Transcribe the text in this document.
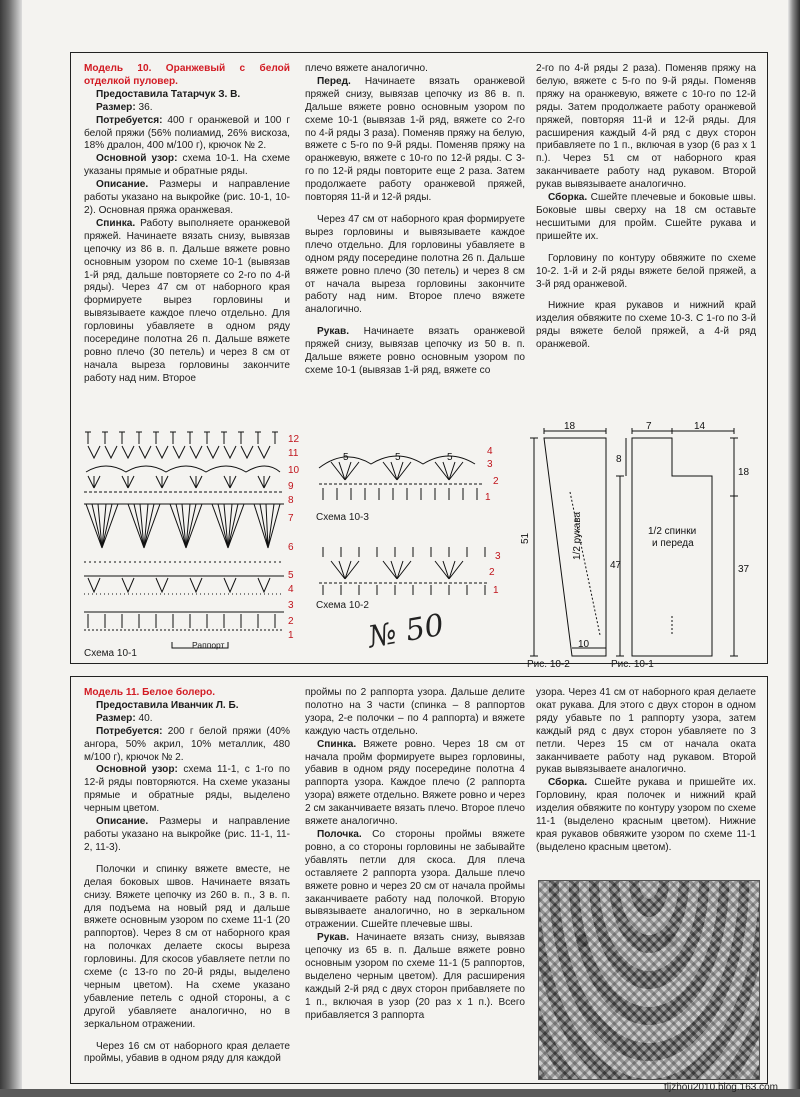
Модель 10. Оранжевый с белой отделкой пуловер.

Предоставила Татарчук З. В.

Размер: 36.

Потребуется: 400 г оранжевой и 100 г белой пряжи (56% полиамид, 26% вискоза, 18% дралон, 400 м/100 г), крючок № 2.

Основной узор: схема 10-1. На схеме указаны прямые и обратные ряды.

Описание. Размеры и направление работы указано на выкройке (рис. 10-1, 10-2). Основная пряжа оранжевая.

Спинка. Работу выполняете оранжевой пряжей. Начинаете вязать снизу, вывязав цепочку из 86 в. п. Дальше вяжете ровно основным узором по схеме 10-1 (вывязав 1-й ряд, дальше повторяете со 2-го по 4-й ряды). Через 47 см от наборного края формируете вырез горловины и вывязываете каждое плечо отдельно. Для горловины убавляете в одном ряду посередине полотна 26 п. Дальше вяжете ровно плечо (30 петель) и через 8 см от начала выреза горловины закончите работу над ним. Второе

плечо вяжете аналогично.

Перед. Начинаете вязать оранжевой пряжей снизу, вывязав цепочку из 86 в. п. Дальше вяжете ровно основным узором по схеме 10-1 (вывязав 1-й ряд, вяжете со 2-го по 4-й ряды 3 раза). Поменяв пряжу на белую, вяжете с 5-го по 9-й ряды. Поменяв пряжу на оранжевую, вяжете с 10-го по 12-й ряды. С 3-го по 12-й ряды повторите еще 2 раза. Затем продолжаете работу оранжевой пряжей, повторяя 11-й и 12-й ряды.

Через 47 см от наборного края формируете вырез горловины и вывязываете каждое плечо отдельно. Для горловины убавляете в одном ряду посередине полотна 26 п. Дальше вяжете ровно плечо (30 петель) и через 8 см от начала выреза горловины закончите работу над ним. Второе плечо вяжете аналогично.

Рукав. Начинаете вязать оранжевой пряжей снизу, вывязав цепочку из 50 в. п. Дальше вяжете ровно основным узором по схеме 10-1 (вывязав 1-й ряд, вяжете со

2-го по 4-й ряды 2 раза). Поменяв пряжу на белую, вяжете с 5-го по 9-й ряды. Поменяв пряжу на оранжевую, вяжете с 10-го по 12-й ряды. Затем продолжаете работу оранжевой пряжей, повторяя 11-й и 12-й ряды. Для расширения каждый 4-й ряд с двух сторон прибавляете по 1 п., включая в узор (6 раз х 1 п.). Через 51 см от наборного края заканчиваете работу над рукавом. Второй рукав вывязываете аналогично.

Сборка. Сшейте плечевые и боковые швы. Боковые швы сверху на 18 см оставьте несшитыми для пройм. Сшейте рукава и пришейте их.

Горловину по контуру обвяжите по схеме 10-2. 1-й и 2-й ряды вяжете белой пряжей, а 3-й ряд оранжевой.

Нижние края рукавов и нижний край изделия обвяжите по схеме 10-3. С 1-го по 3-й ряды вяжете белой пряжей, а 4-й ряд оранжевой.

12
11
10
9
8
7
6
5
4
3
2
1
Схема 10-1
Раппорт
5	5	5
4
3
2
1
Схема 10-3
3
2
1
Схема 10-2
№ 50
18
51
10
7	14
8
18
47	37
1/2 рукава	1/2 спинки
и переда
Рис. 10-2	Рис. 10-1

Модель 11. Белое болеро.

Предоставила Иванчик Л. Б.

Размер: 40.

Потребуется: 200 г белой пряжи (40% ангора, 50% акрил, 10% металлик, 480 м/100 г), крючок № 2.

Основной узор: схема 11-1, с 1-го по 12-й ряды повторяются. На схеме указаны прямые и обратные ряды, выделено черным цветом.

Описание. Размеры и направление работы указано на выкройке (рис. 11-1, 11-2, 11-3).

Полочки и спинку вяжете вместе, не делая боковых швов. Начинаете вязать снизу. Вяжете цепочку из 260 в. п., 3 в. п. для подъема на новый ряд и дальше вяжете основным узором по схеме 11-1 (20 раппортов). Через 8 см от наборного края на полочках делаете скосы выреза горловины. Для скосов убавляете петли по схеме (с 13-го по 20-й ряды, выделено черным цветом). На схеме указано убавление петель с одной стороны, а с другой убавляете аналогично, но в зеркальном отражении.

Через 16 см от наборного края делаете проймы, убавив в одном ряду для каждой

проймы по 2 раппорта узора. Дальше делите полотно на 3 части (спинка – 8 раппортов узора, 2-е полочки – по 4 раппорта) и вяжете каждую часть отдельно.

Спинка. Вяжете ровно. Через 18 см от начала пройм формируете вырез горловины, убавив в одном ряду посередине полотна 4 раппорта узора. Каждое плечо (2 раппорта узора) вяжете отдельно. Вяжете ровно и через 2 см заканчиваете вязать плечо. Второе плечо вяжете аналогично.

Полочка. Со стороны проймы вяжете ровно, а со стороны горловины не забывайте убавлять петли для скоса. Для плеча оставляете 2 раппорта узора. Дальше плечо вяжете ровно и через 20 см от начала проймы заканчиваете работу над полочкой. Вторую вывязываете аналогично, но в зеркальном отражении. Сшейте плечевые швы.

Рукав. Начинаете вязать снизу, вывязав цепочку из 65 в. п. Дальше вяжете ровно основным узором по схеме 11-1 (5 раппортов, выделено черным цветом). Для расширения каждый 2-й ряд с двух сторон прибавляете по 1 п., включая в узор (20 раз х 1 п.). Всего прибавляется 3 раппорта

узора. Через 41 см от наборного края делаете окат рукава. Для этого с двух сторон в одном ряду убавьте по 1 раппорту узора, затем каждый ряд с двух сторон убавляете по 3 петли. Через 15 см от начала оката заканчиваете работу над рукавом. Второй рукав вывязываете аналогично.

Сборка. Сшейте рукава и пришейте их. Горловину, края полочек и нижний край изделия обвяжите по контуру узором по схеме 11-1 (выделено красным цветом). Нижние края рукавов обвяжите узором по схеме 11-1 (выделено красным цветом).

tljzhou2010.blog.163.com
